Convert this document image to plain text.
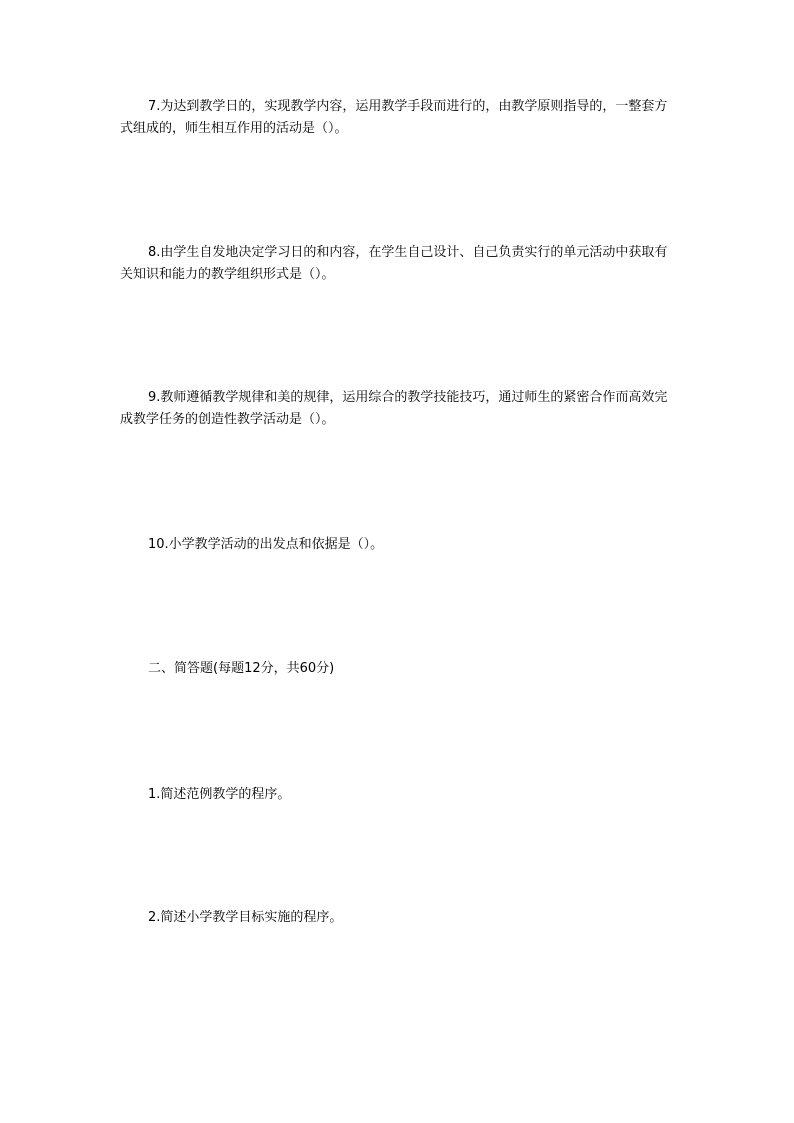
7.为达到教学日的，实现教学内容，运用教学手段而进行的，由教学原则指导的，一整套方式组成的，师生相互作用的活动是（）。

8.由学生自发地决定学习日的和内容，在学生自己设计、自己负责实行的单元活动中获取有关知识和能力的教学组织形式是（）。

9.教师遵循教学规律和美的规律，运用综合的教学技能技巧，通过师生的紧密合作而高效完成教学任务的创造性教学活动是（）。

10.小学教学活动的出发点和依据是（）。

二、简答题(每题12分，共60分)

1.简述范例教学的程序。

2.简述小学教学目标实施的程序。
